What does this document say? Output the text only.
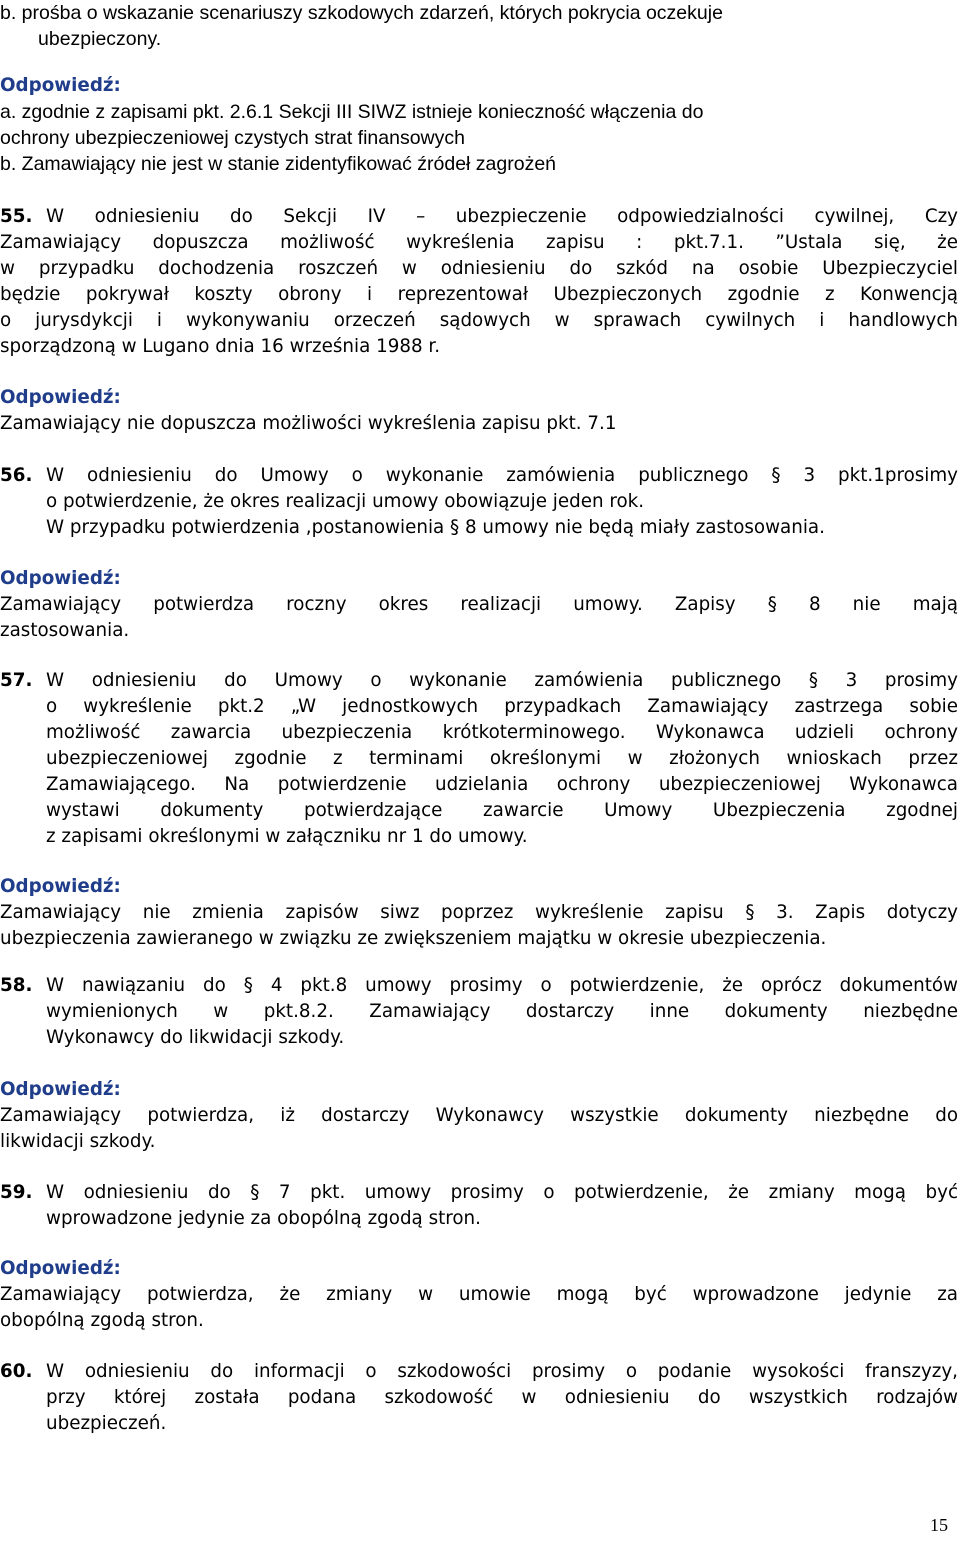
b. prośba o wskazanie scenariuszy szkodowych zdarzeń, których pokrycia oczekuje
ubezpieczony.
Odpowiedź:
a. zgodnie z zapisami pkt. 2.6.1 Sekcji III SIWZ istnieje konieczność włączenia do
ochrony ubezpieczeniowej czystych strat finansowych
b. Zamawiający nie jest w stanie zidentyfikować źródeł zagrożeń
55. W odniesieniu do Sekcji IV – ubezpieczenie odpowiedzialności cywilnej, Czy
Zamawiający dopuszcza możliwość wykreślenia zapisu : pkt.7.1. ”Ustala się, że
w przypadku dochodzenia roszczeń w odniesieniu do szkód na osobie Ubezpieczyciel
będzie pokrywał koszty obrony i reprezentował Ubezpieczonych zgodnie z Konwencją
o jurysdykcji i wykonywaniu orzeczeń sądowych w sprawach cywilnych i handlowych
sporządzoną w Lugano dnia 16 września 1988 r.
Odpowiedź:
Zamawiający nie dopuszcza możliwości wykreślenia zapisu pkt. 7.1
56. W odniesieniu do Umowy o wykonanie zamówienia publicznego § 3 pkt.1prosimy
o potwierdzenie, że okres realizacji umowy obowiązuje jeden rok.
W przypadku potwierdzenia ,postanowienia § 8 umowy nie będą miały zastosowania.
Odpowiedź:
Zamawiający potwierdza roczny okres realizacji umowy. Zapisy § 8 nie mają
zastosowania.
57. W odniesieniu do Umowy o wykonanie zamówienia publicznego § 3 prosimy
o wykreślenie pkt.2 „W jednostkowych przypadkach Zamawiający zastrzega sobie
możliwość zawarcia ubezpieczenia krótkoterminowego. Wykonawca udzieli ochrony
ubezpieczeniowej zgodnie z terminami określonymi w złożonych wnioskach przez
Zamawiającego. Na potwierdzenie udzielania ochrony ubezpieczeniowej Wykonawca
wystawi dokumenty potwierdzające zawarcie Umowy Ubezpieczenia zgodnej
z zapisami określonymi w załączniku nr 1 do umowy.
Odpowiedź:
Zamawiający nie zmienia zapisów siwz poprzez wykreślenie zapisu § 3. Zapis dotyczy
ubezpieczenia zawieranego w związku ze zwiększeniem majątku w okresie ubezpieczenia.
58. W nawiązaniu do § 4 pkt.8 umowy prosimy o potwierdzenie, że oprócz dokumentów
wymienionych w pkt.8.2. Zamawiający dostarczy inne dokumenty niezbędne
Wykonawcy do likwidacji szkody.
Odpowiedź:
Zamawiający potwierdza, iż dostarczy Wykonawcy wszystkie dokumenty niezbędne do
likwidacji szkody.
59. W odniesieniu do § 7 pkt. umowy prosimy o potwierdzenie, że zmiany mogą być
wprowadzone jedynie za obopólną zgodą stron.
Odpowiedź:
Zamawiający potwierdza, że zmiany w umowie mogą być wprowadzone jedynie za
obopólną zgodą stron.
60. W odniesieniu do informacji o szkodowości prosimy o podanie wysokości franszyzy,
przy której została podana szkodowość w odniesieniu do wszystkich rodzajów
ubezpieczeń.
15
